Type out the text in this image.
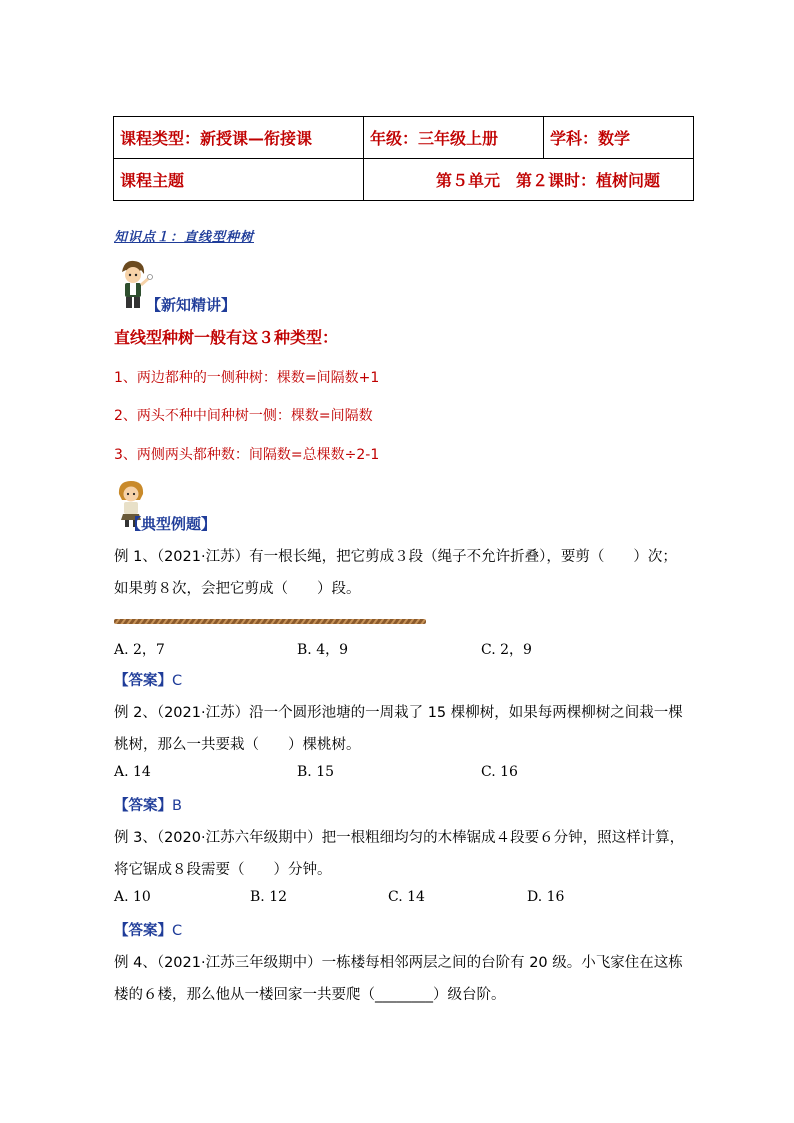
课程类型：新授课—衔接课	年级：三年级上册	学科：数学
课程主题	第５单元　第２课时：植树问题	
知识点１：直线型种树
【新知精讲】
直线型种树一般有这３种类型：
1、两边都种的一侧种树：棵数=间隔数+1
2、两头不种中间种树一侧：棵数=间隔数
3、两侧两头都种数：间隔数=总棵数÷2-1
【典型例题】
例 1、（2021·江苏）有一根长绳，把它剪成３段（绳子不允许折叠），要剪（　　）次；
如果剪８次，会把它剪成（　　）段。
A. 2，7	B. 4，9	C. 2，9
【答案】C
例 2、（2021·江苏）沿一个圆形池塘的一周栽了 15 棵柳树，如果每两棵柳树之间栽一棵
桃树，那么一共要栽（　　）棵桃树。
A. 14	B. 15	C. 16
【答案】B
例 3、（2020·江苏六年级期中）把一根粗细均匀的木棒锯成４段要６分钟，照这样计算，
将它锯成８段需要（　　）分钟。
A. 10	B. 12	C. 14	D. 16
【答案】C
例 4、（2021·江苏三年级期中）一栋楼每相邻两层之间的台阶有 20 级。小飞家住在这栋
楼的６楼，那么他从一楼回家一共要爬（________）级台阶。
